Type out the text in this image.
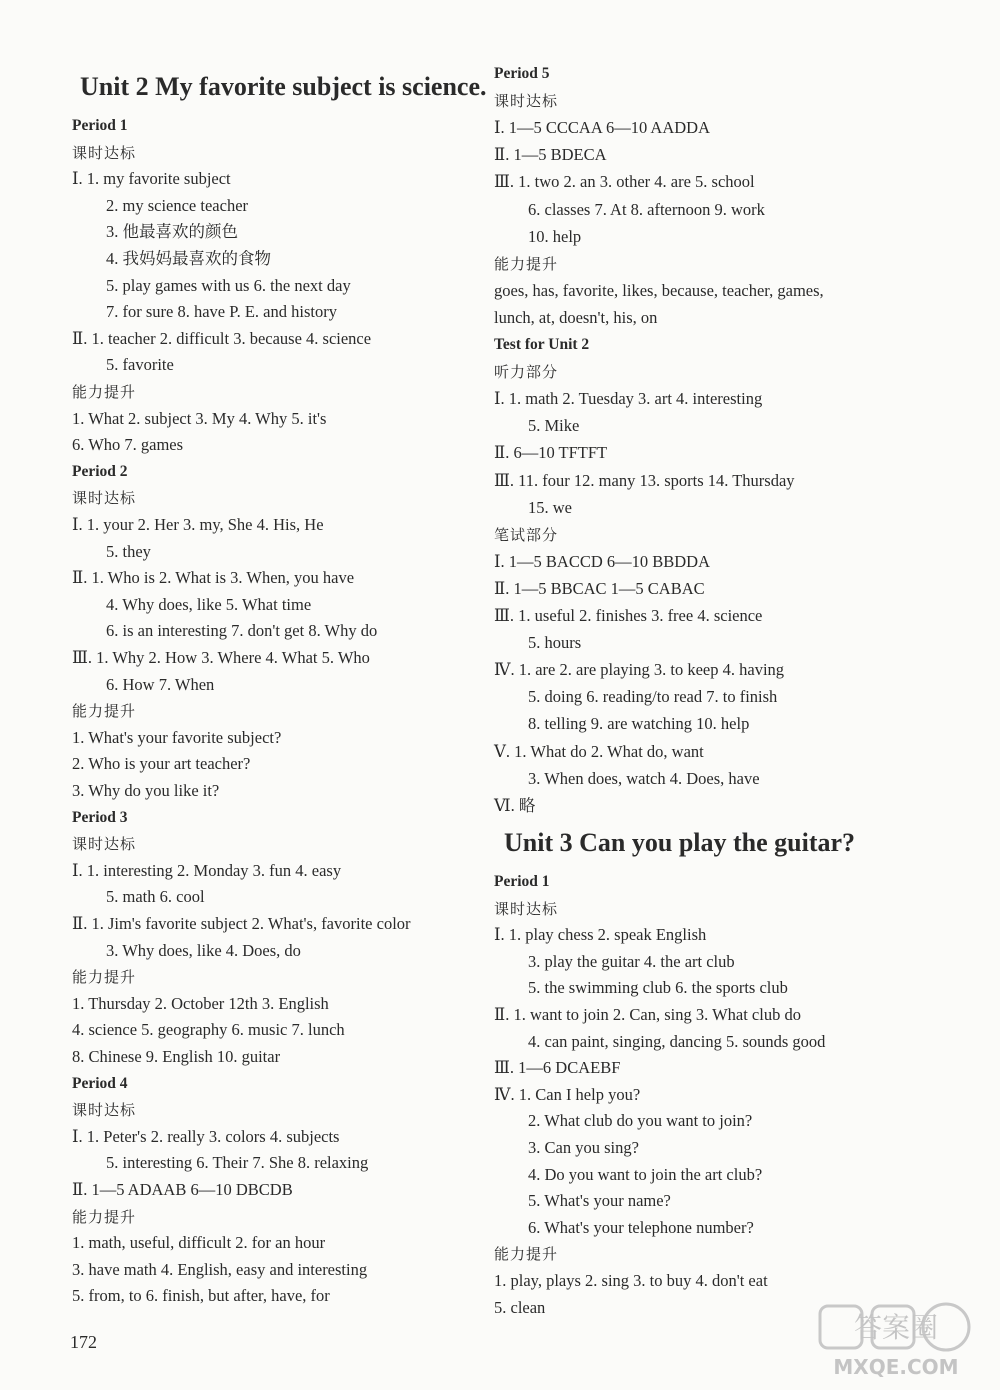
Unit 2 My favorite subject is science.
Period 1
课时达标
Ⅰ. 1. my favorite subject
2. my science teacher
3. 他最喜欢的颜色
4. 我妈妈最喜欢的食物
5. play games with us 6. the next day
7. for sure 8. have P. E. and history
Ⅱ. 1. teacher 2. difficult 3. because 4. science
5. favorite
能力提升
1. What 2. subject 3. My 4. Why 5. it's
6. Who 7. games
Period 2
课时达标
Ⅰ. 1. your 2. Her 3. my, She 4. His, He
5. they
Ⅱ. 1. Who is 2. What is 3. When, you have
4. Why does, like 5. What time
6. is an interesting 7. don't get 8. Why do
Ⅲ. 1. Why 2. How 3. Where 4. What 5. Who
6. How 7. When
能力提升
1. What's your favorite subject?
2. Who is your art teacher?
3. Why do you like it?
Period 3
课时达标
Ⅰ. 1. interesting 2. Monday 3. fun 4. easy
5. math 6. cool
Ⅱ. 1. Jim's favorite subject 2. What's, favorite color
3. Why does, like 4. Does, do
能力提升
1. Thursday 2. October 12th 3. English
4. science 5. geography 6. music 7. lunch
8. Chinese 9. English 10. guitar
Period 4
课时达标
Ⅰ. 1. Peter's 2. really 3. colors 4. subjects
5. interesting 6. Their 7. She 8. relaxing
Ⅱ. 1—5 ADAAB 6—10 DBCDB
能力提升
1. math, useful, difficult 2. for an hour
3. have math 4. English, easy and interesting
5. from, to 6. finish, but after, have, for
Period 5
课时达标
Ⅰ. 1—5 CCCAA 6—10 AADDA
Ⅱ. 1—5 BDECA
Ⅲ. 1. two 2. an 3. other 4. are 5. school
6. classes 7. At 8. afternoon 9. work
10. help
能力提升
goes, has, favorite, likes, because, teacher, games,
lunch, at, doesn't, his, on
Test for Unit 2
听力部分
Ⅰ. 1. math 2. Tuesday 3. art 4. interesting
5. Mike
Ⅱ. 6—10 TFTFT
Ⅲ. 11. four 12. many 13. sports 14. Thursday
15. we
笔试部分
Ⅰ. 1—5 BACCD 6—10 BBDDA
Ⅱ. 1—5 BBCAC 1—5 CABAC
Ⅲ. 1. useful 2. finishes 3. free 4. science
5. hours
Ⅳ. 1. are 2. are playing 3. to keep 4. having
5. doing 6. reading/to read 7. to finish
8. telling 9. are watching 10. help
Ⅴ. 1. What do 2. What do, want
3. When does, watch 4. Does, have
Ⅵ. 略
Unit 3 Can you play the guitar?
Period 1
课时达标
Ⅰ. 1. play chess 2. speak English
3. play the guitar 4. the art club
5. the swimming club 6. the sports club
Ⅱ. 1. want to join 2. Can, sing 3. What club do
4. can paint, singing, dancing 5. sounds good
Ⅲ. 1—6 DCAEBF
Ⅳ. 1. Can I help you?
2. What club do you want to join?
3. Can you sing?
4. Do you want to join the art club?
5. What's your name?
6. What's your telephone number?
能力提升
1. play, plays 2. sing 3. to buy 4. don't eat
5. clean
172	答案圈
MXQE.COM
